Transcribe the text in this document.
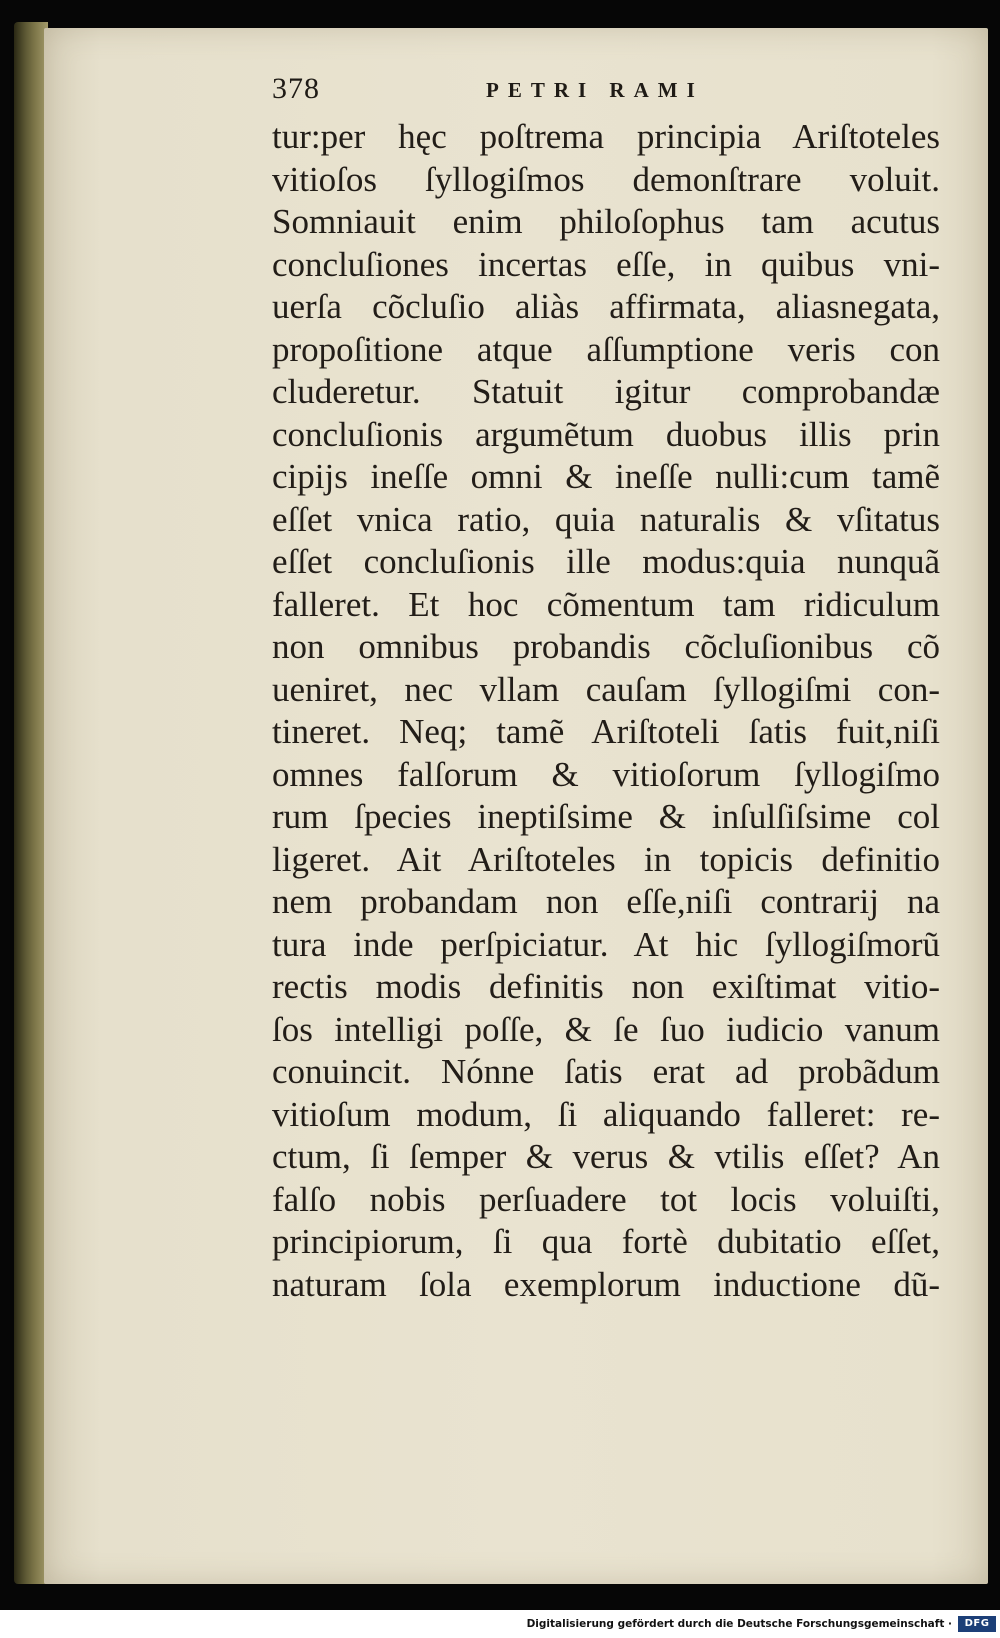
378	PETRI RAMI
tur:per hęc poſtrema principia Ariſtoteles
vitioſos ſyllogiſmos demonſtrare voluit.
Somniauit enim philoſophus tam acutus
concluſiones incertas eſſe, in quibus vni-
uerſa cõcluſio aliàs affirmata, aliasnegata,
propoſitione atque aſſumptione veris con
cluderetur. Statuit igitur comprobandæ
concluſionis argumẽtum duobus illis prin
cipijs ineſſe omni & ineſſe nulli:cum tamẽ
eſſet vnica ratio, quia naturalis & vſitatus
eſſet concluſionis ille modus:quia nunquã
falleret. Et hoc cõmentum tam ridiculum
non omnibus probandis cõcluſionibus cõ
ueniret, nec vllam cauſam ſyllogiſmi con-
tineret. Neq; tamẽ Ariſtoteli ſatis fuit,niſi
omnes falſorum & vitioſorum ſyllogiſmo
rum ſpecies ineptiſsime & inſulſiſsime col
ligeret. Ait Ariſtoteles in topicis definitio
nem probandam non eſſe,niſi contrarij na
tura inde perſpiciatur. At hic ſyllogiſmorũ
rectis modis definitis non exiſtimat vitio-
ſos intelligi poſſe, & ſe ſuo iudicio vanum
conuincit. Nónne ſatis erat ad probãdum
vitioſum modum, ſi aliquando falleret: re-
ctum, ſi ſemper & verus & vtilis eſſet? An
falſo nobis perſuadere tot locis voluiſti,
principiorum, ſi qua fortè dubitatio eſſet,
naturam ſola exemplorum inductione dũ-
Digitalisierung gefördert durch die Deutsche Forschungsgemeinschaft ·	DFG
